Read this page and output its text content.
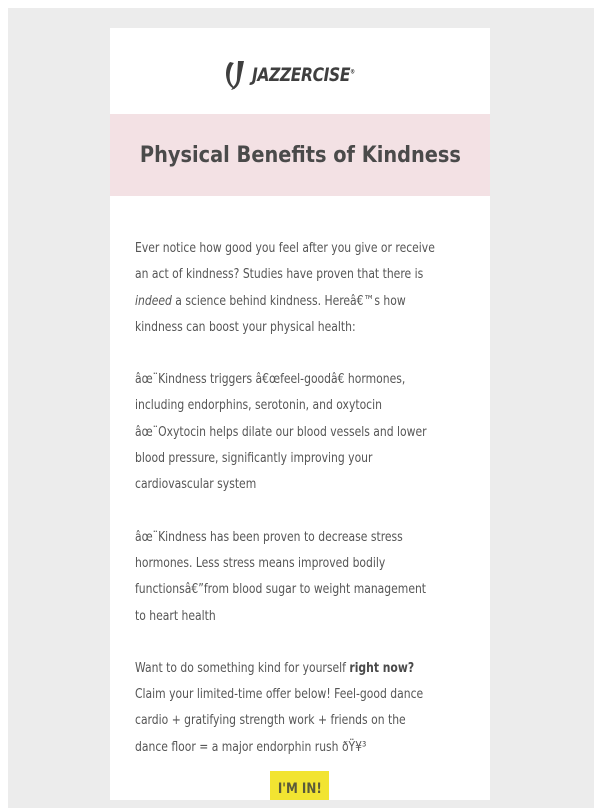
JAZZERCISE®
Physical Benefits of Kindness

Ever notice how good you feel after you give or receive an act of kindness? Studies have proven that there is indeed a science behind kindness. Hereâ€™s how kindness can boost your physical health:

âœ¨Kindness triggers â€œfeel-goodâ€ hormones, including endorphins, serotonin, and oxytocin
âœ¨Oxytocin helps dilate our blood vessels and lower blood pressure, significantly improving your cardiovascular system

âœ¨Kindness has been proven to decrease stress hormones. Less stress means improved bodily functionsâ€”from blood sugar to weight management to heart health

Want to do something kind for yourself right now? Claim your limited-time offer below! Feel-good dance cardio + gratifying strength work + friends on the dance floor = a major endorphin rush ðŸ¥³

I'M IN!
